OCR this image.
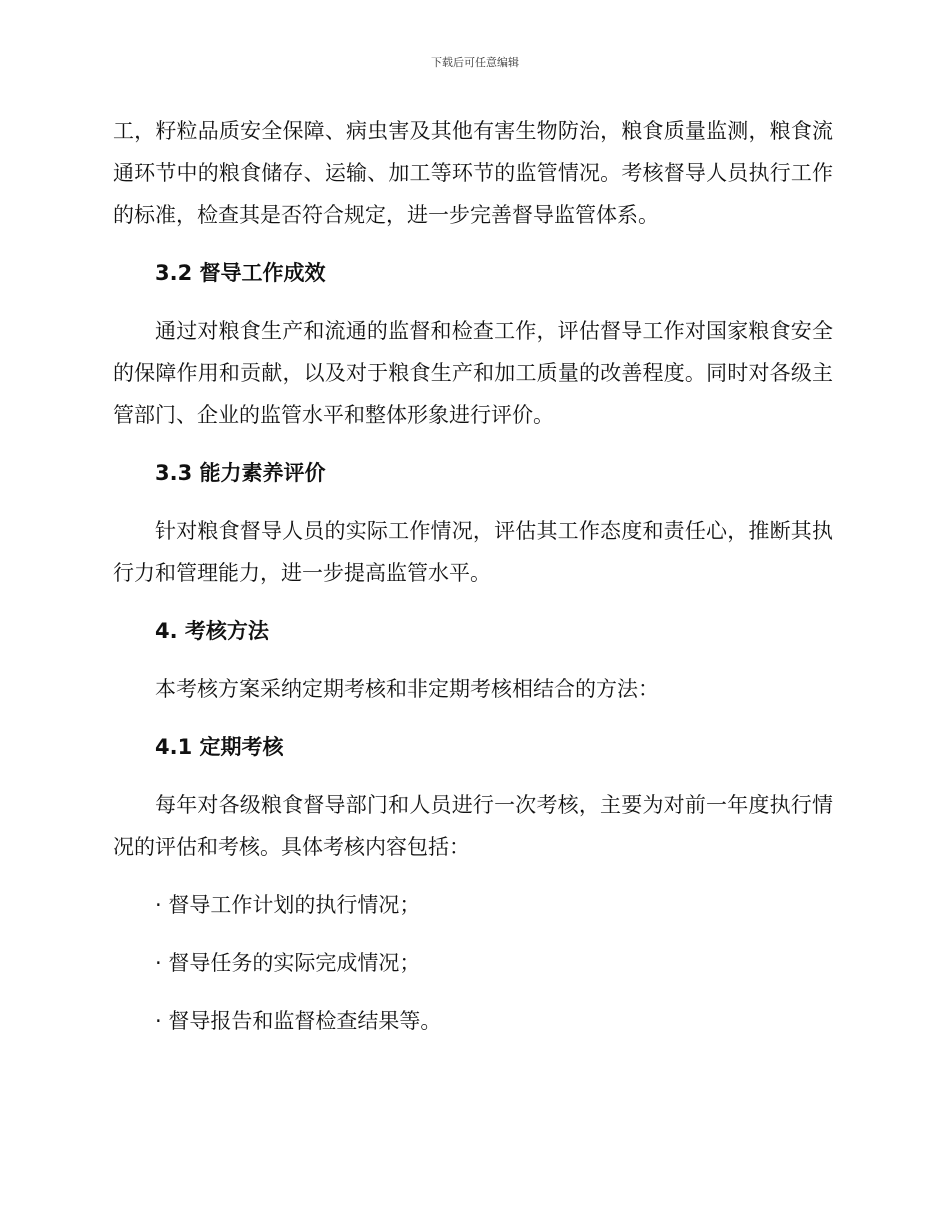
下载后可任意编辑

工，籽粒品质安全保障、病虫害及其他有害生物防治，粮食质量监测，粮食流通环节中的粮食储存、运输、加工等环节的监管情况。考核督导人员执行工作的标准，检查其是否符合规定，进一步完善督导监管体系。

3.2 督导工作成效

通过对粮食生产和流通的监督和检查工作，评估督导工作对国家粮食安全的保障作用和贡献，以及对于粮食生产和加工质量的改善程度。同时对各级主管部门、企业的监管水平和整体形象进行评价。

3.3 能力素养评价

针对粮食督导人员的实际工作情况，评估其工作态度和责任心，推断其执行力和管理能力，进一步提高监管水平。

4. 考核方法

本考核方案采纳定期考核和非定期考核相结合的方法：

4.1 定期考核

每年对各级粮食督导部门和人员进行一次考核，主要为对前一年度执行情况的评估和考核。具体考核内容包括：

· 督导工作计划的执行情况；
· 督导任务的实际完成情况；
· 督导报告和监督检查结果等。
